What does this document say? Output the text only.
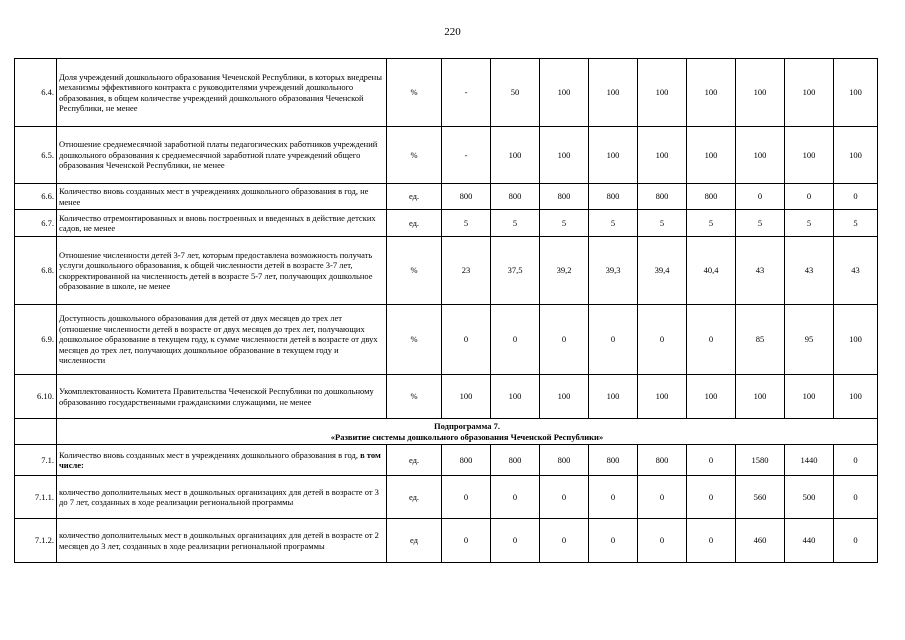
220
6.4.	Доля учреждений дошкольного образования Чеченской Республики, в которых внедрены механизмы эффективного контракта с руководителями учреждений дошкольного образования, в общем количестве учреждений дошкольного образования Чеченской Республики, не менее	%	-	50	100	100	100	100	100	100	100
6.5.	Отношение среднемесячной заработной платы педагогических работников учреждений дошкольного образования к среднемесячной заработной плате учреждений общего образования Чеченской Республики, не менее	%	-	100	100	100	100	100	100	100	100
6.6.	Количество вновь созданных мест в учреждениях дошкольного образования в год, не менее	ед.	800	800	800	800	800	800	0	0	0
6.7.	Количество отремонтированных и вновь построенных и введенных в действие детских садов, не менее	ед.	5	5	5	5	5	5	5	5	5
6.8.	Отношение численности детей 3-7 лет, которым предоставлена возможность получать услуги дошкольного образования, к общей численности детей в возрасте 3-7 лет, скорректированной на численность детей в возрасте 5-7 лет, получающих дошкольное образование в школе, не менее	%	23	37,5	39,2	39,3	39,4	40,4	43	43	43
6.9.	Доступность дошкольного образования для детей от двух месяцев до трех лет (отношение численности детей в возрасте от двух месяцев до трех лет, получающих дошкольное образование в текущем году, к сумме численности детей в возрасте от двух месяцев до трех лет, получающих дошкольное образование в текущем году и численности	%	0	0	0	0	0	0	85	95	100
6.10.	Укомплектованность Комитета Правительства Чеченской Республики по дошкольному образованию государственными гражданскими служащими, не менее	%	100	100	100	100	100	100	100	100	100

	Подпрограмма 7.
«Развитие системы дошкольного образования Чеченской Республики»										

7.1.	Количество вновь созданных мест в учреждениях дошкольного образования в год, в том числе:	ед.	800	800	800	800	800	0	1580	1440	0
7.1.1.	количество дополнительных мест в дошкольных организациях для детей в возрасте от 3 до 7 лет, созданных в ходе реализации региональной программы	ед.	0	0	0	0	0	0	560	500	0
7.1.2.	количество дополнительных мест в дошкольных организациях для детей в возрасте от 2 месяцев до 3 лет, созданных в ходе реализации региональной программы	ед	0	0	0	0	0	0	460	440	0
